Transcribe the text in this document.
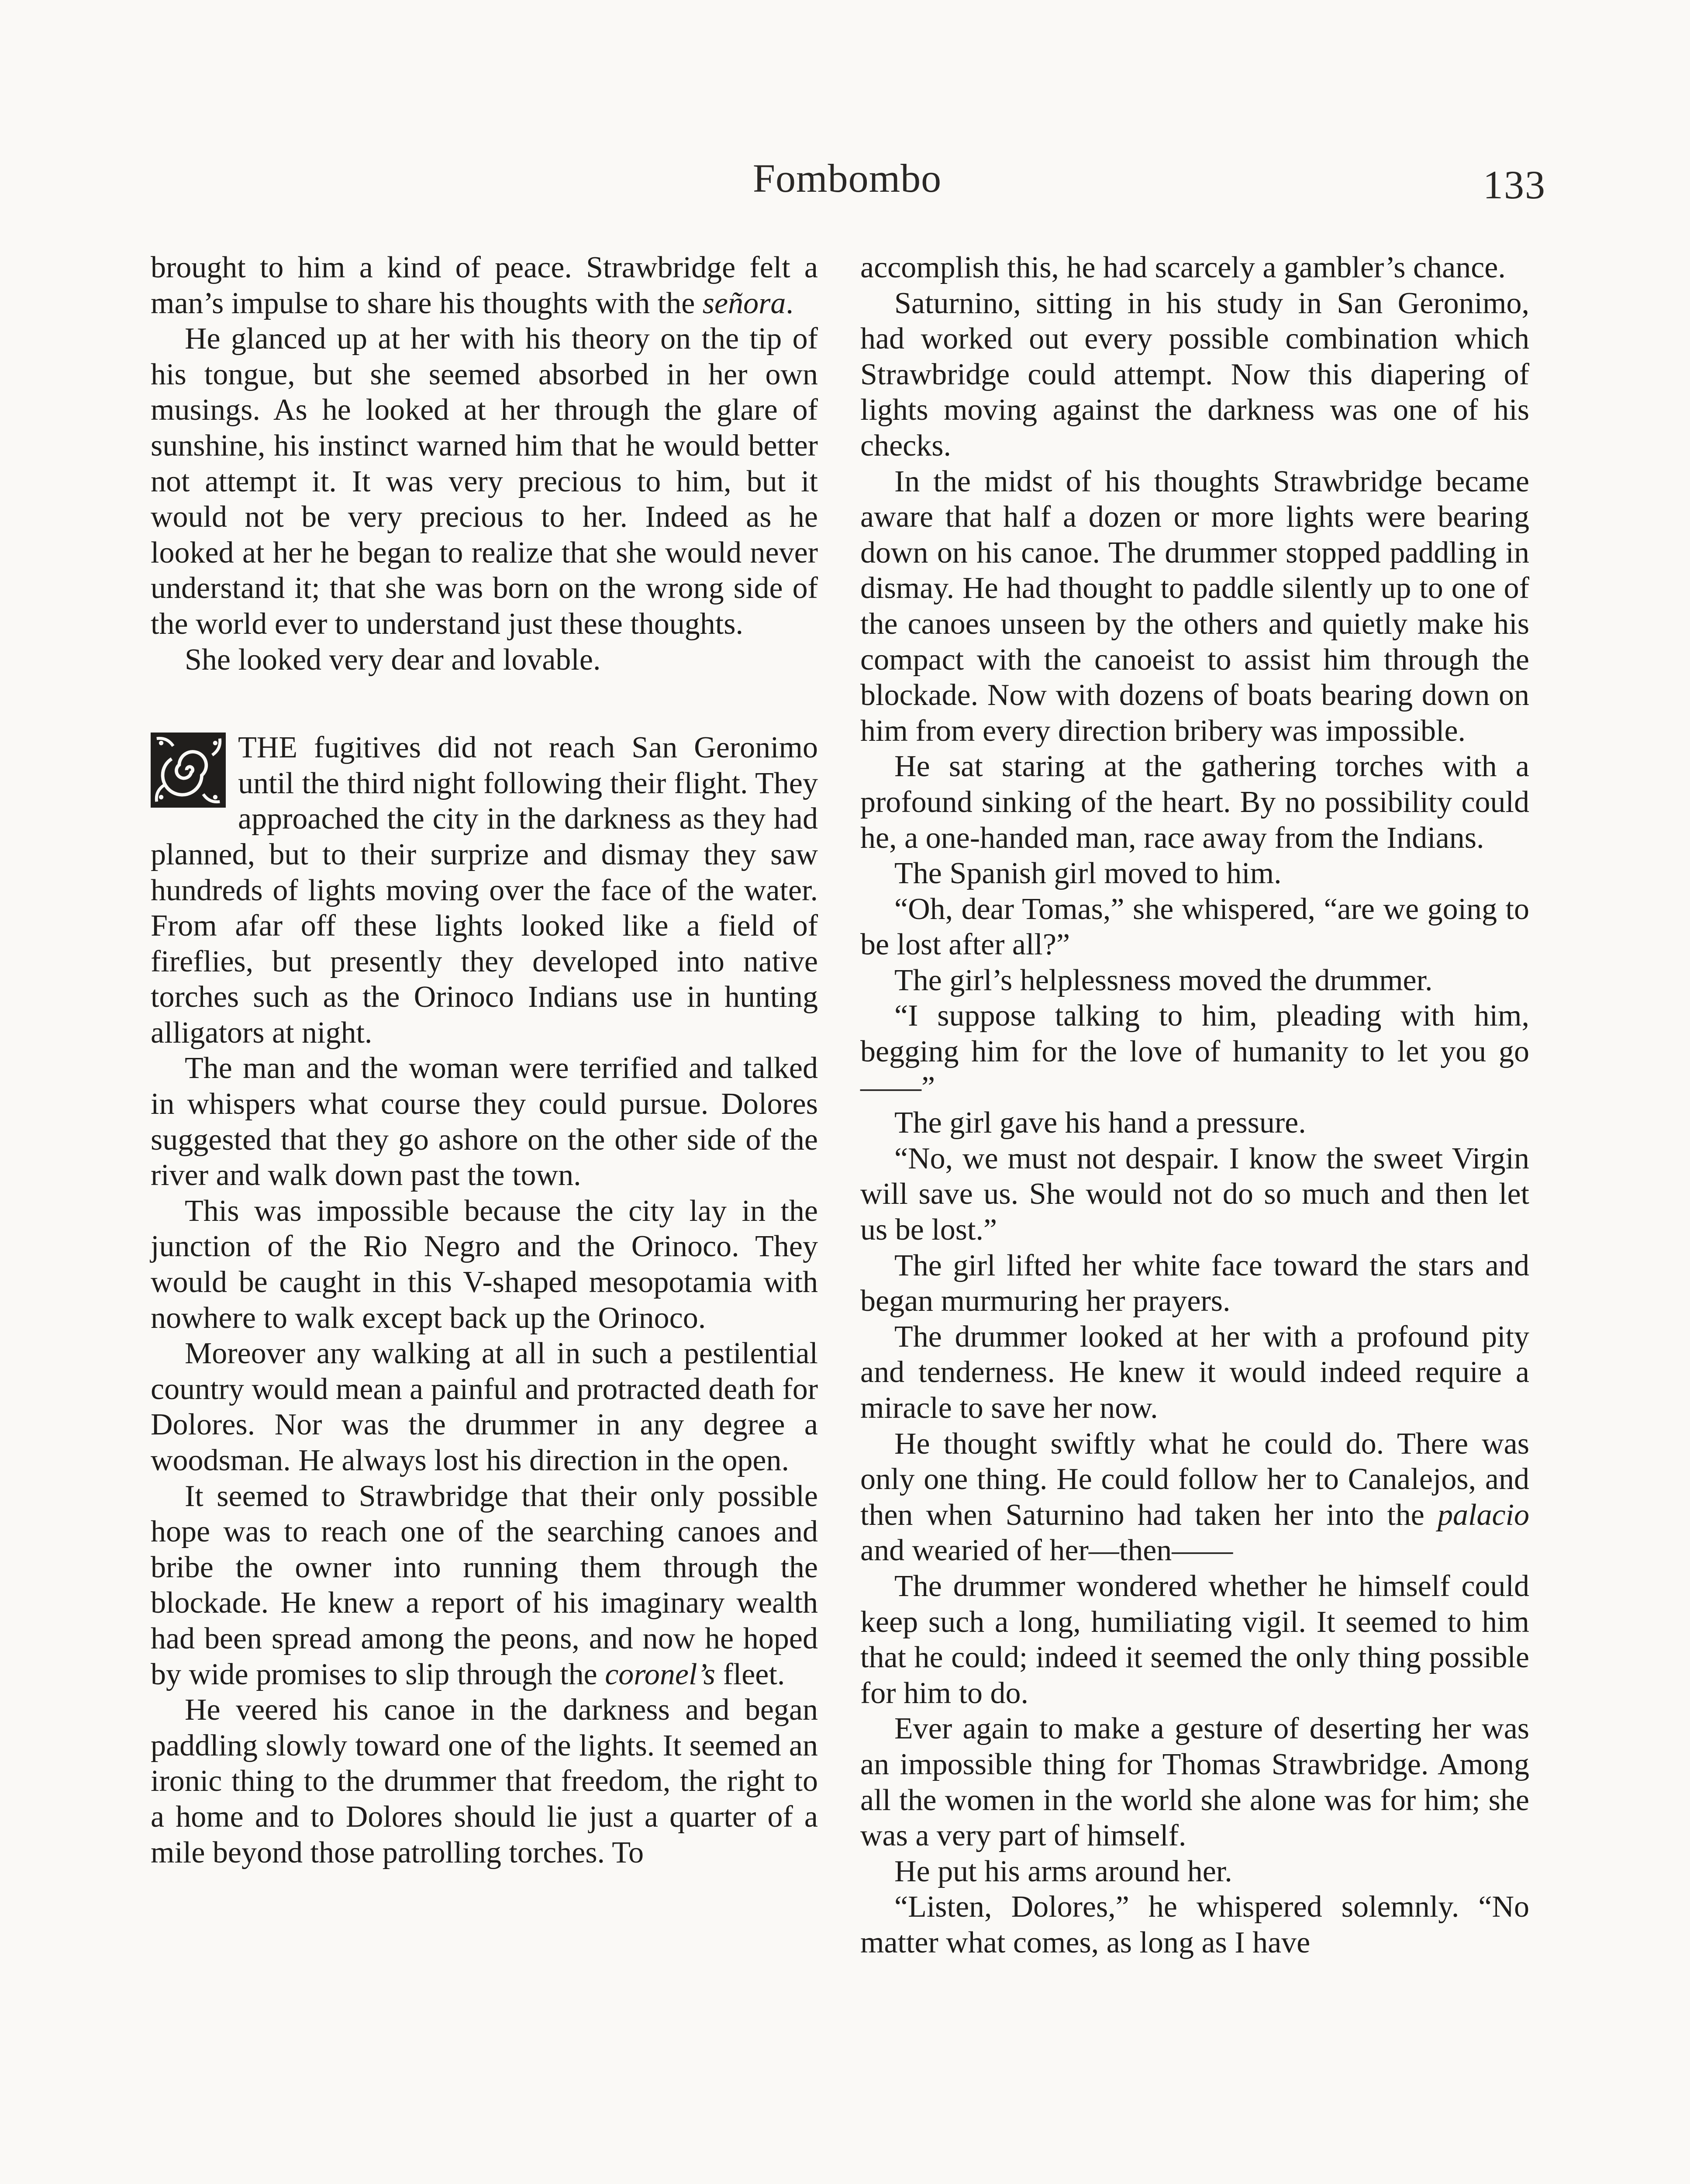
Fombombo	133

brought to him a kind of peace. Strawbridge felt a man’s impulse to share his thoughts with the señora.

He glanced up at her with his theory on the tip of his tongue, but she seemed absorbed in her own musings. As he looked at her through the glare of sunshine, his instinct warned him that he would better not attempt it. It was very precious to him, but it would not be very precious to her. Indeed as he looked at her he began to realize that she would never understand it; that she was born on the wrong side of the world ever to understand just these thoughts.

She looked very dear and lovable.

THE fugitives did not reach San Geronimo until the third night following their flight. They approached the city in the darkness as they had planned, but to their surprize and dismay they saw hundreds of lights moving over the face of the water. From afar off these lights looked like a field of fireflies, but presently they developed into native torches such as the Orinoco Indians use in hunting alligators at night.

The man and the woman were terrified and talked in whispers what course they could pursue. Dolores suggested that they go ashore on the other side of the river and walk down past the town.

This was impossible because the city lay in the junction of the Rio Negro and the Orinoco. They would be caught in this V-shaped mesopotamia with nowhere to walk except back up the Orinoco.

Moreover any walking at all in such a pestilential country would mean a painful and protracted death for Dolores. Nor was the drummer in any degree a woodsman. He always lost his direction in the open.

It seemed to Strawbridge that their only possible hope was to reach one of the searching canoes and bribe the owner into running them through the blockade. He knew a report of his imaginary wealth had been spread among the peons, and now he hoped by wide promises to slip through the coronel’s fleet.

He veered his canoe in the darkness and began paddling slowly toward one of the lights. It seemed an ironic thing to the drummer that freedom, the right to a home and to Dolores should lie just a quarter of a mile beyond those patrolling torches. To

accomplish this, he had scarcely a gambler’s chance.

Saturnino, sitting in his study in San Geronimo, had worked out every possible combination which Strawbridge could attempt. Now this diapering of lights moving against the darkness was one of his checks.

In the midst of his thoughts Strawbridge became aware that half a dozen or more lights were bearing down on his canoe. The drummer stopped paddling in dismay. He had thought to paddle silently up to one of the canoes unseen by the others and quietly make his compact with the canoeist to assist him through the blockade. Now with dozens of boats bearing down on him from every direction bribery was impossible.

He sat staring at the gathering torches with a profound sinking of the heart. By no possibility could he, a one-handed man, race away from the Indians.

The Spanish girl moved to him.

“Oh, dear Tomas,” she whispered, “are we going to be lost after all?”

The girl’s helplessness moved the drummer.

“I suppose talking to him, pleading with him, begging him for the love of humanity to let you go——”

The girl gave his hand a pressure.

“No, we must not despair. I know the sweet Virgin will save us. She would not do so much and then let us be lost.”

The girl lifted her white face toward the stars and began murmuring her prayers.

The drummer looked at her with a profound pity and tenderness. He knew it would indeed require a miracle to save her now.

He thought swiftly what he could do. There was only one thing. He could follow her to Canalejos, and then when Saturnino had taken her into the palacio and wearied of her—then——

The drummer wondered whether he himself could keep such a long, humiliating vigil. It seemed to him that he could; indeed it seemed the only thing possible for him to do.

Ever again to make a gesture of deserting her was an impossible thing for Thomas Strawbridge. Among all the women in the world she alone was for him; she was a very part of himself.

He put his arms around her.

“Listen, Dolores,” he whispered solemnly. “No matter what comes, as long as I have
